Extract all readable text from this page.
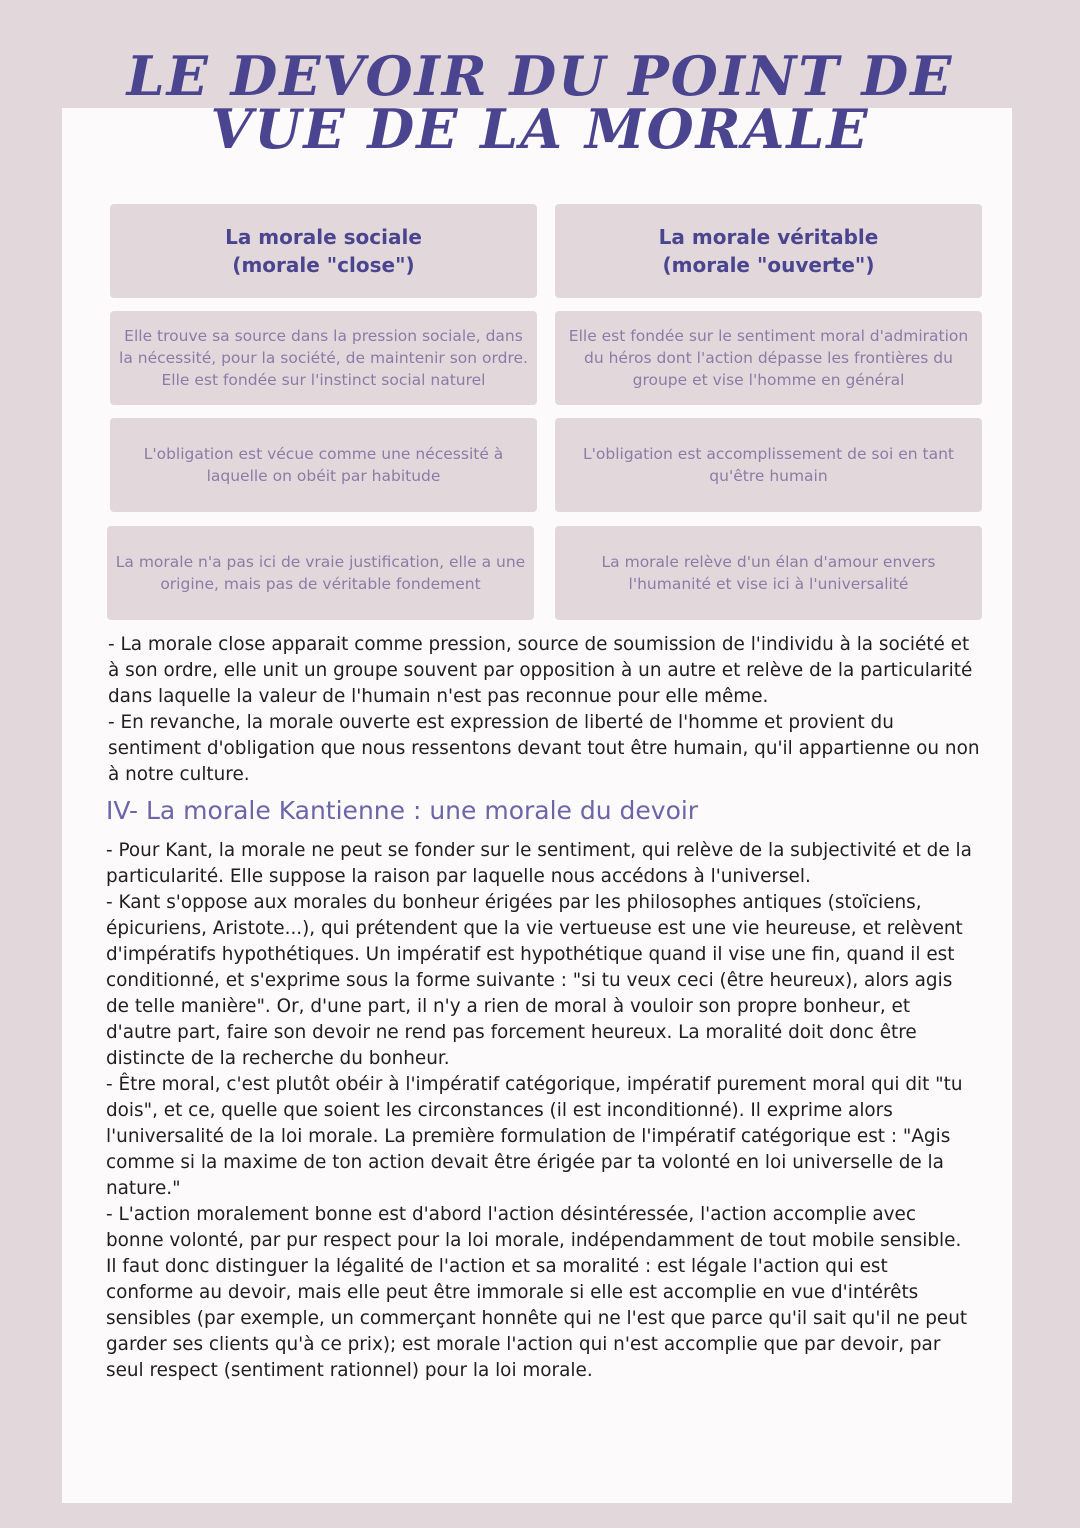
LE DEVOIR DU POINT DE
VUE DE LA MORALE
La morale sociale
(morale "close")
La morale véritable
(morale "ouverte")
Elle trouve sa source dans la pression sociale, dans la nécessité, pour la société, de maintenir son ordre. Elle est fondée sur l'instinct social naturel
Elle est fondée sur le sentiment moral d'admiration du héros dont l'action dépasse les frontières du groupe et vise l'homme en général
L'obligation est vécue comme une nécessité à laquelle on obéit par habitude
L'obligation est accomplissement de soi en tant qu'être humain
La morale n'a pas ici de vraie justification, elle a une origine, mais pas de véritable fondement
La morale relève d'un élan d'amour envers l'humanité et vise ici à l'universalité

- La morale close apparait comme pression, source de soumission de l'individu à la société et à son ordre, elle unit un groupe souvent par opposition à un autre et relève de la particularité dans laquelle la valeur de l'humain n'est pas reconnue pour elle même.

- En revanche, la morale ouverte est expression de liberté de l'homme et provient du sentiment d'obligation que nous ressentons devant tout être humain, qu'il appartienne ou non à notre culture.

IV- La morale Kantienne : une morale du devoir

- Pour Kant, la morale ne peut se fonder sur le sentiment, qui relève de la subjectivité et de la particularité. Elle suppose la raison par laquelle nous accédons à l'universel.

- Kant s'oppose aux morales du bonheur érigées par les philosophes antiques (stoïciens, épicuriens, Aristote...), qui prétendent que la vie vertueuse est une vie heureuse, et relèvent d'impératifs hypothétiques. Un impératif est hypothétique quand il vise une fin, quand il est conditionné, et s'exprime sous la forme suivante : "si tu veux ceci (être heureux), alors agis de telle manière". Or, d'une part, il n'y a rien de moral à vouloir son propre bonheur, et d'autre part, faire son devoir ne rend pas forcement heureux. La moralité doit donc être distincte de la recherche du bonheur.

- Être moral, c'est plutôt obéir à l'impératif catégorique, impératif purement moral qui dit "tu dois", et ce, quelle que soient les circonstances (il est inconditionné). Il exprime alors l'universalité de la loi morale. La première formulation de l'impératif catégorique est : "Agis comme si la maxime de ton action devait être érigée par ta volonté en loi universelle de la nature."

- L'action moralement bonne est d'abord l'action désintéressée, l'action accomplie avec bonne volonté, par pur respect pour la loi morale, indépendamment de tout mobile sensible. Il faut donc distinguer la légalité de l'action et sa moralité : est légale l'action qui est conforme au devoir, mais elle peut être immorale si elle est accomplie en vue d'intérêts sensibles (par exemple, un commerçant honnête qui ne l'est que parce qu'il sait qu'il ne peut garder ses clients qu'à ce prix); est morale l'action qui n'est accomplie que par devoir, par seul respect (sentiment rationnel) pour la loi morale.
